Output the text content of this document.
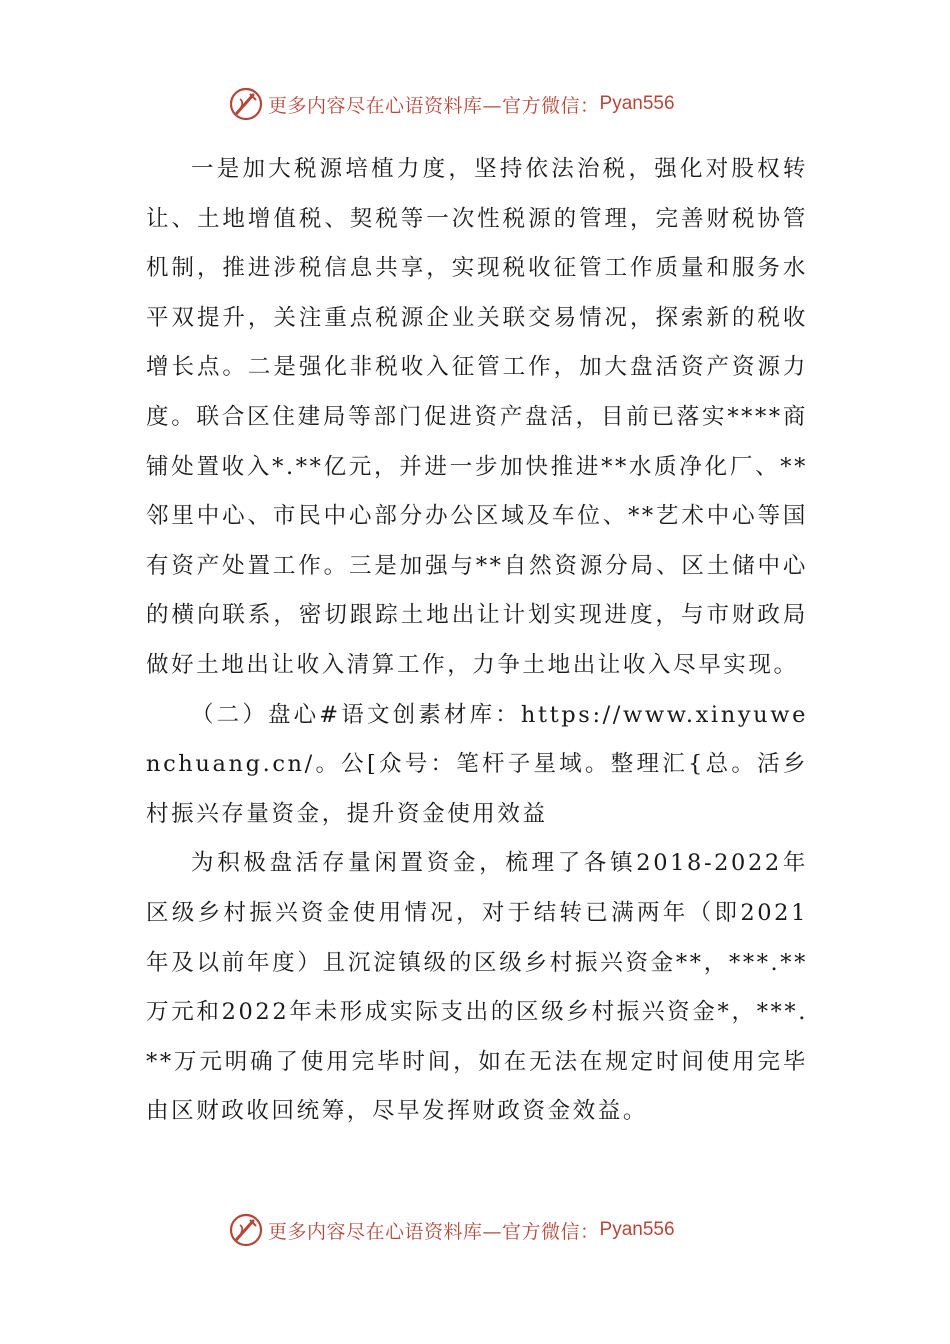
更多内容尽在心语资料库—官方微信： Pyan556

一是加大税源培植力度，坚持依法治税，强化对股权转让、土地增值税、契税等一次性税源的管理，完善财税协管机制，推进涉税信息共享，实现税收征管工作质量和服务水平双提升，关注重点税源企业关联交易情况，探索新的税收增长点。二是强化非税收入征管工作，加大盘活资产资源力度。联合区住建局等部门促进资产盘活，目前已落实****商铺处置收入*.**亿元，并进一步加快推进**水质净化厂、**邻里中心、市民中心部分办公区域及车位、**艺术中心等国有资产处置工作。三是加强与**自然资源分局、区土储中心的横向联系，密切跟踪土地出让计划实现进度，与市财政局做好土地出让收入清算工作，力争土地出让收入尽早实现。

（二）盘心#语文创素材库：https://www.xinyuwenchuang.cn/。公[众号：笔杆子星域。整理汇{总。活乡村振兴存量资金，提升资金使用效益

为积极盘活存量闲置资金，梳理了各镇2018-2022年区级乡村振兴资金使用情况，对于结转已满两年（即2021年及以前年度）且沉淀镇级的区级乡村振兴资金**，***.**万元和2022年未形成实际支出的区级乡村振兴资金*，***.**万元明确了使用完毕时间，如在无法在规定时间使用完毕由区财政收回统筹，尽早发挥财政资金效益。

更多内容尽在心语资料库—官方微信： Pyan556
